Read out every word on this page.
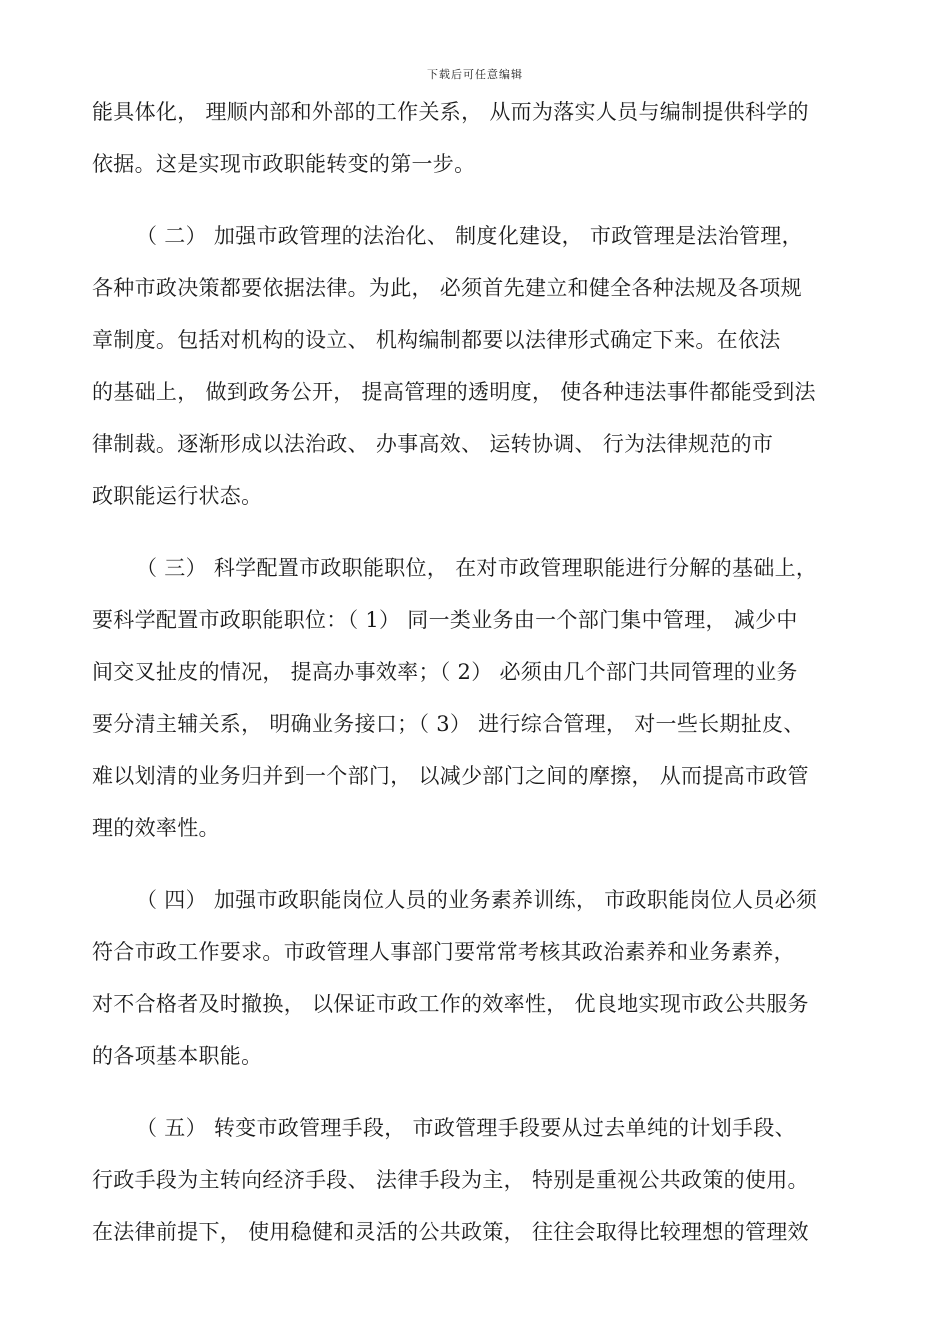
下载后可任意编辑
能具体化， 理顺内部和外部的工作关系， 从而为落实人员与编制提供科学的
依据。这是实现市政职能转变的第一步。
（ 二） 加强市政管理的法治化、 制度化建设， 市政管理是法治管理，
各种市政决策都要依据法律。为此， 必须首先建立和健全各种法规及各项规
章制度。包括对机构的设立、 机构编制都要以法律形式确定下来。在依法
的基础上， 做到政务公开， 提高管理的透明度， 使各种违法事件都能受到法
律制裁。逐渐形成以法治政、 办事高效、 运转协调、 行为法律规范的市
政职能运行状态。
（ 三） 科学配置市政职能职位， 在对市政管理职能进行分解的基础上，
要科学配置市政职能职位：（ 1） 同一类业务由一个部门集中管理， 减少中
间交叉扯皮的情况， 提高办事效率；（ 2） 必须由几个部门共同管理的业务
要分清主辅关系， 明确业务接口；（ 3） 进行综合管理， 对一些长期扯皮、
难以划清的业务归并到一个部门， 以减少部门之间的摩擦， 从而提高市政管
理的效率性。
（ 四） 加强市政职能岗位人员的业务素养训练， 市政职能岗位人员必须
符合市政工作要求。市政管理人事部门要常常考核其政治素养和业务素养，
对不合格者及时撤换， 以保证市政工作的效率性， 优良地实现市政公共服务
的各项基本职能。
（ 五） 转变市政管理手段， 市政管理手段要从过去单纯的计划手段、
行政手段为主转向经济手段、 法律手段为主， 特别是重视公共政策的使用。
在法律前提下， 使用稳健和灵活的公共政策， 往往会取得比较理想的管理效
